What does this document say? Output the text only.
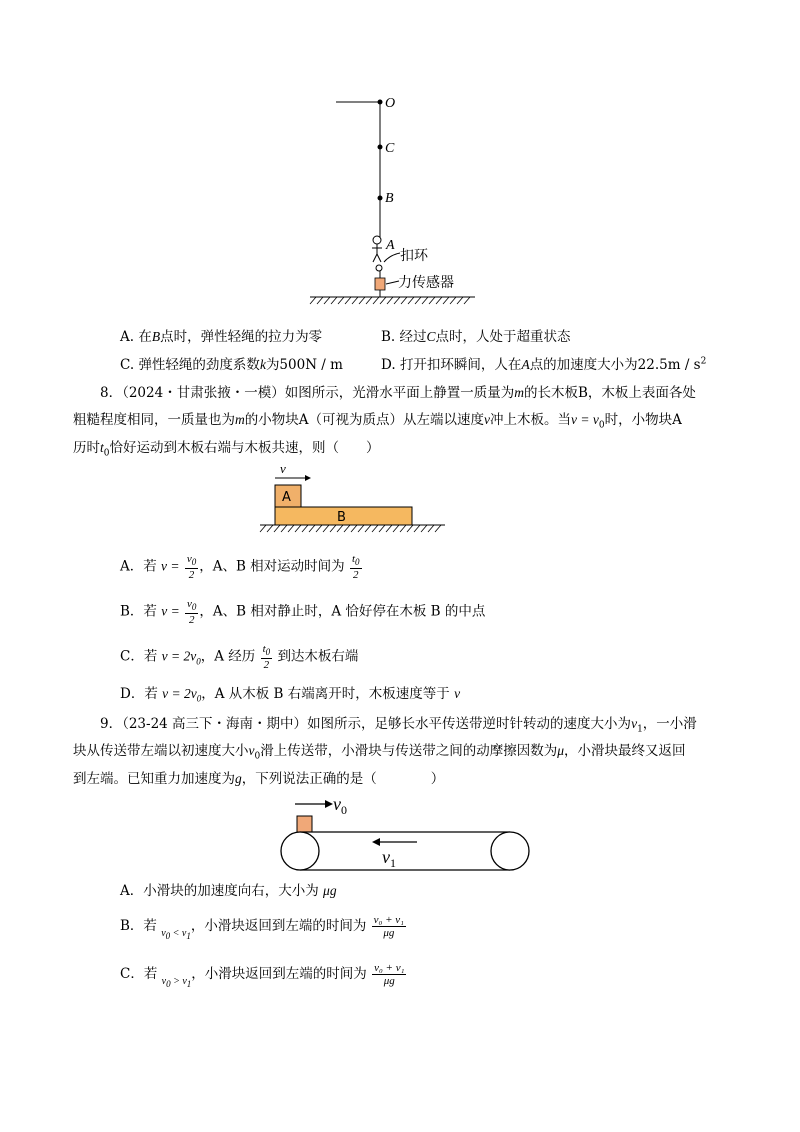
O
C
B
A
扣环
力传感器
A. 在B点时，弹性轻绳的拉力为零	B. 经过C点时，人处于超重状态
C. 弹性轻绳的劲度系数k为500N / m	D. 打开扣环瞬间，人在A点的加速度大小为$22.5m / s^2$
8．（2024・甘肃张掖・一模）如图所示，光滑水平面上静置一质量为m的长木板B，木板上表面各处
粗糙程度相同，一质量也为m的小物块A（可视为质点）从左端以速度v冲上木板。当$v = v_0$时，小物块A
历时$t_0$恰好运动到木板右端与木板共速，则（　　）
v
A
B
A．若 $v = \frac{v_0}{2}$ ，A、B 相对运动时间为 $\frac{t_0}{2}$
B．若 $v = \frac{v_0}{2}$ ，A、B 相对静止时，A 恰好停在木板 B 的中点
C．若 $v = 2v_0$，A 经历 $\frac{t_0}{2}$ 到达木板右端
D．若 $v = 2v_0$，A 从木板 B 右端离开时，木板速度等于 v
9．（23-24 高三下・海南・期中）如图所示，足够长水平传送带逆时针转动的速度大小为$v_1$，一小滑
块从传送带左端以初速度大小$v_0$滑上传送带，小滑块与传送带之间的动摩擦因数为μ，小滑块最终又返回
到左端。已知重力加速度为g，下列说法正确的是（　　　　）
$v_0$
$v_1$
A．小滑块的加速度向右，大小为 μg
B．若 $_{v_0 < v_1}$，小滑块返回到左端的时间为 $\frac{\text{v₀ + v₁}}{\mu g}$
C．若 $_{v_0 > v_1}$，小滑块返回到左端的时间为 $\frac{\text{v₀ + v₁}}{\mu g}$
